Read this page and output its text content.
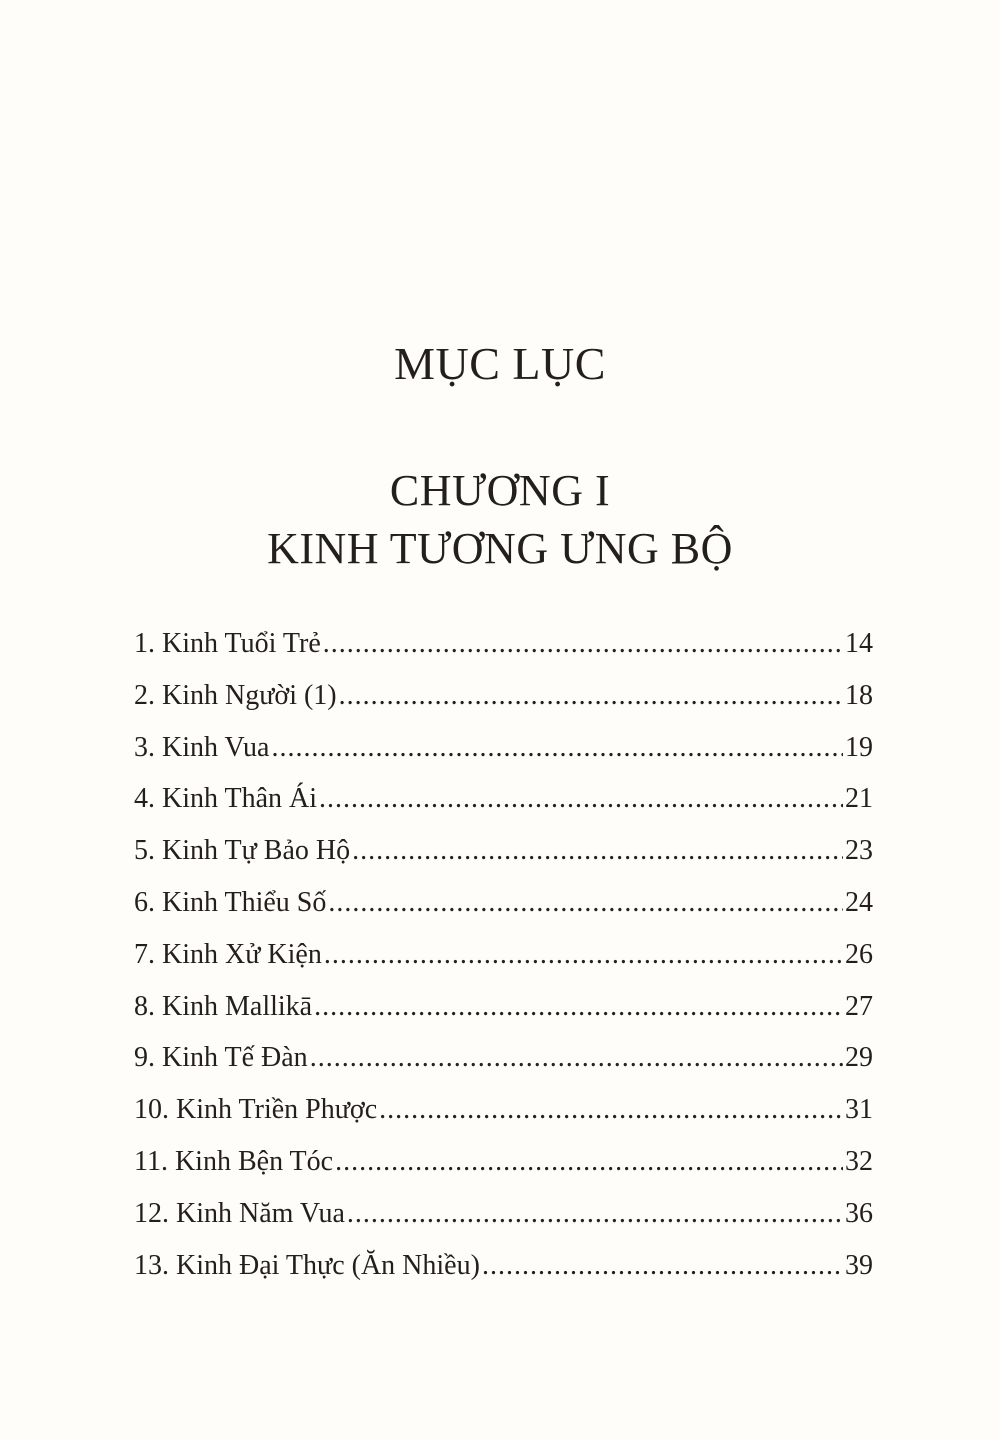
MỤC LỤC
CHƯƠNG I
KINH TƯƠNG ƯNG BỘ
1. Kinh Tuổi Trẻ .....	14
2. Kinh Người (1) .....	18
3. Kinh Vua .....	19
4. Kinh Thân Ái .....	21
5. Kinh Tự Bảo Hộ .....	23
6. Kinh Thiểu Số .....	24
7. Kinh Xử Kiện .....	26
8. Kinh Mallikā .....	27
9. Kinh Tế Đàn .....	29
10. Kinh Triền Phược .....	31
11. Kinh Bện Tóc .....	32
12. Kinh Năm Vua .....	36
13. Kinh Đại Thực (Ăn Nhiều) .....	39
